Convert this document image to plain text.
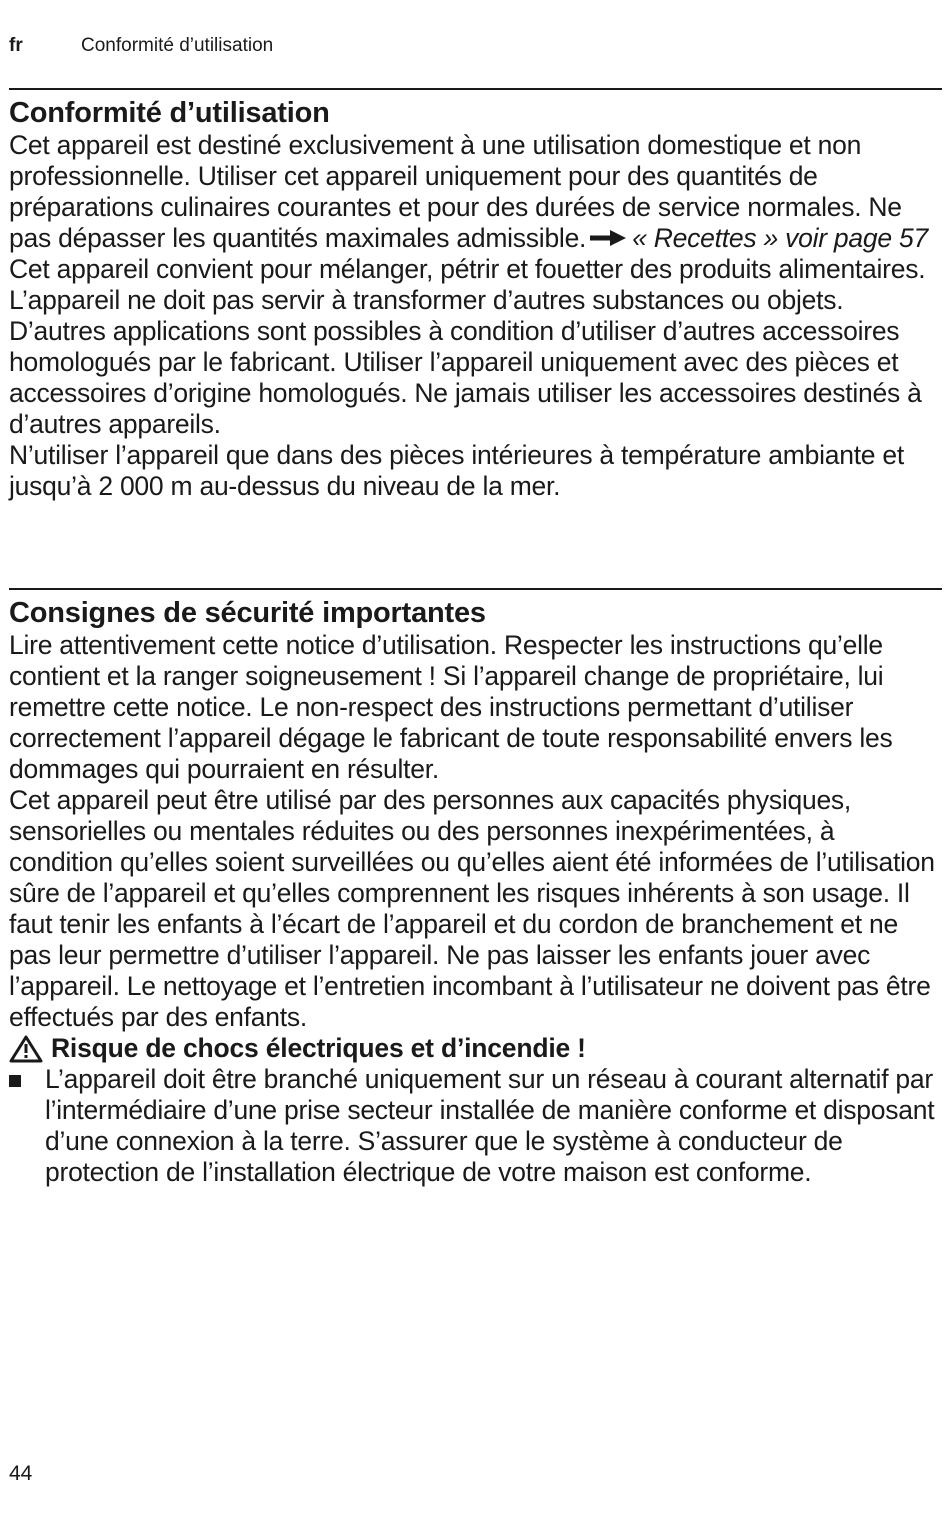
fr	Conformité d’utilisation
Conformité d’utilisation

Cet appareil est destiné exclusivement à une utilisation domestique et non professionnelle. Utiliser cet appareil uniquement pour des quantités de préparations culinaires courantes et pour des durées de service normales. Ne pas dépasser les quantités maximales admissible. « Recettes » voir page 57

Cet appareil convient pour mélanger, pétrir et fouetter des produits alimentaires. L’appareil ne doit pas servir à transformer d’autres substances ou objets. D’autres applications sont possibles à condition d’utiliser d’autres accessoires homologués par le fabricant. Utiliser l’appareil uniquement avec des pièces et accessoires d’origine homologués. Ne jamais utiliser les accessoires destinés à d’autres appareils.

N’utiliser l’appareil que dans des pièces intérieures à température ambiante et jusqu’à 2 000 m au-dessus du niveau de la mer.

Consignes de sécurité importantes

Lire attentivement cette notice d’utilisation. Respecter les instructions qu’elle contient et la ranger soigneusement ! Si l’appareil change de propriétaire, lui remettre cette notice. Le non-respect des instructions permettant d’utiliser correctement l’appareil dégage le fabricant de toute responsabilité envers les dommages qui pourraient en résulter.

Cet appareil peut être utilisé par des personnes aux capacités physiques, sensorielles ou mentales réduites ou des personnes inexpérimentées, à condition qu’elles soient surveillées ou qu’elles aient été informées de l’utilisation sûre de l’appareil et qu’elles comprennent les risques inhérents à son usage. Il faut tenir les enfants à l’écart de l’appareil et du cordon de branchement et ne pas leur permettre d’utiliser l’appareil. Ne pas laisser les enfants jouer avec l’appareil. Le nettoyage et l’entretien incombant à l’utilisateur ne doivent pas être effectués par des enfants.

Risque de chocs électriques et d’incendie !
L’appareil doit être branché uniquement sur un réseau à courant alternatif par l’intermédiaire d’une prise secteur installée de manière conforme et disposant d’une connexion à la terre. S’assurer que le système à conducteur de protection de l’installation électrique de votre maison est conforme.
44
